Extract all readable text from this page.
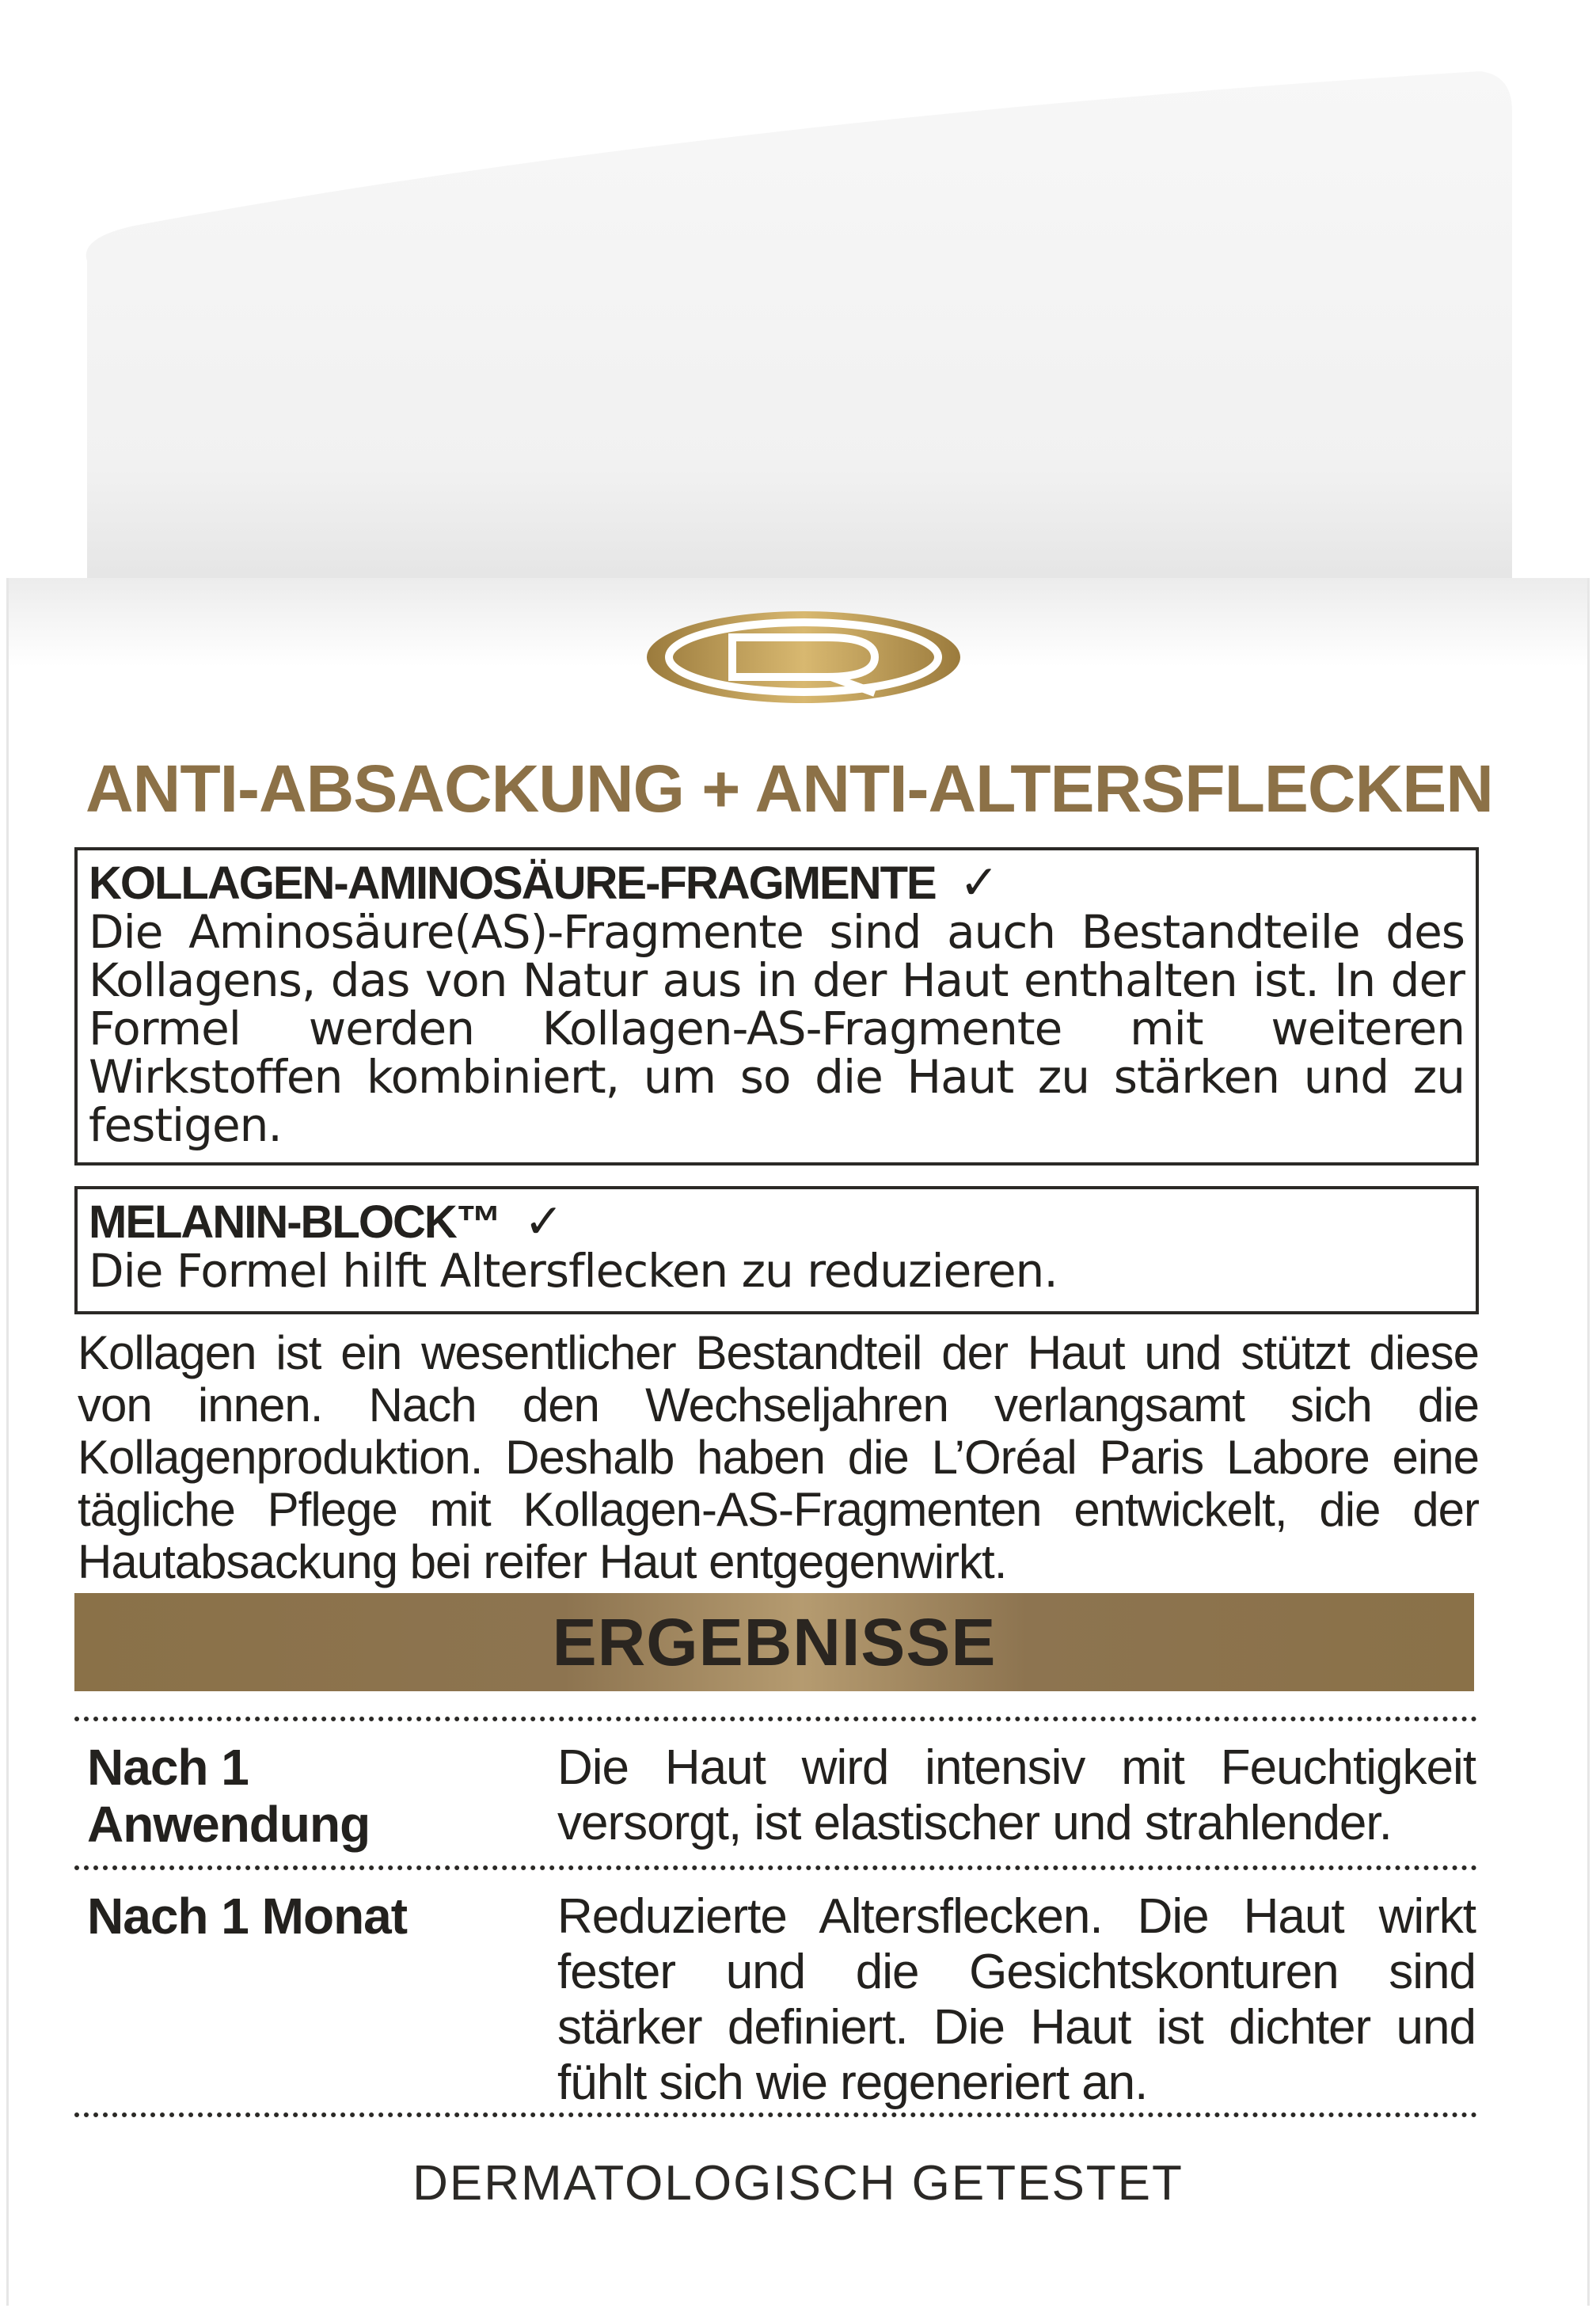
ANTI-ABSACKUNG + ANTI-ALTERSFLECKEN
KOLLAGEN-AMINOSÄURE-FRAGMENTE ✓
Die Aminosäure(AS)-Fragmente sind auch Bestandteile des Kollagens, das von Natur aus in der Haut enthalten ist. In der Formel werden Kollagen-AS-Fragmente mit weiteren Wirkstoffen kombiniert, um so die Haut zu stärken und zu festigen.
MELANIN-BLOCK™ ✓
Die Formel hilft Altersflecken zu reduzieren.
Kollagen ist ein wesentlicher Bestandteil der Haut und stützt diese von innen. Nach den Wechseljahren verlangsamt sich die Kollagenproduktion. Deshalb haben die L’Oréal Paris Labore eine tägliche Pflege mit Kollagen-AS-Fragmenten entwickelt, die der Hautabsackung bei reifer Haut entgegenwirkt.
ERGEBNISSE
Nach 1
Anwendung
Die Haut wird intensiv mit Feuchtigkeit versorgt, ist elastischer und strahlender.
Nach 1 Monat	Reduzierte Altersflecken. Die Haut wirkt fester und die Gesichtskonturen sind stärker definiert. Die Haut ist dichter und fühlt sich wie regeneriert an.
DERMATOLOGISCH GETESTET
